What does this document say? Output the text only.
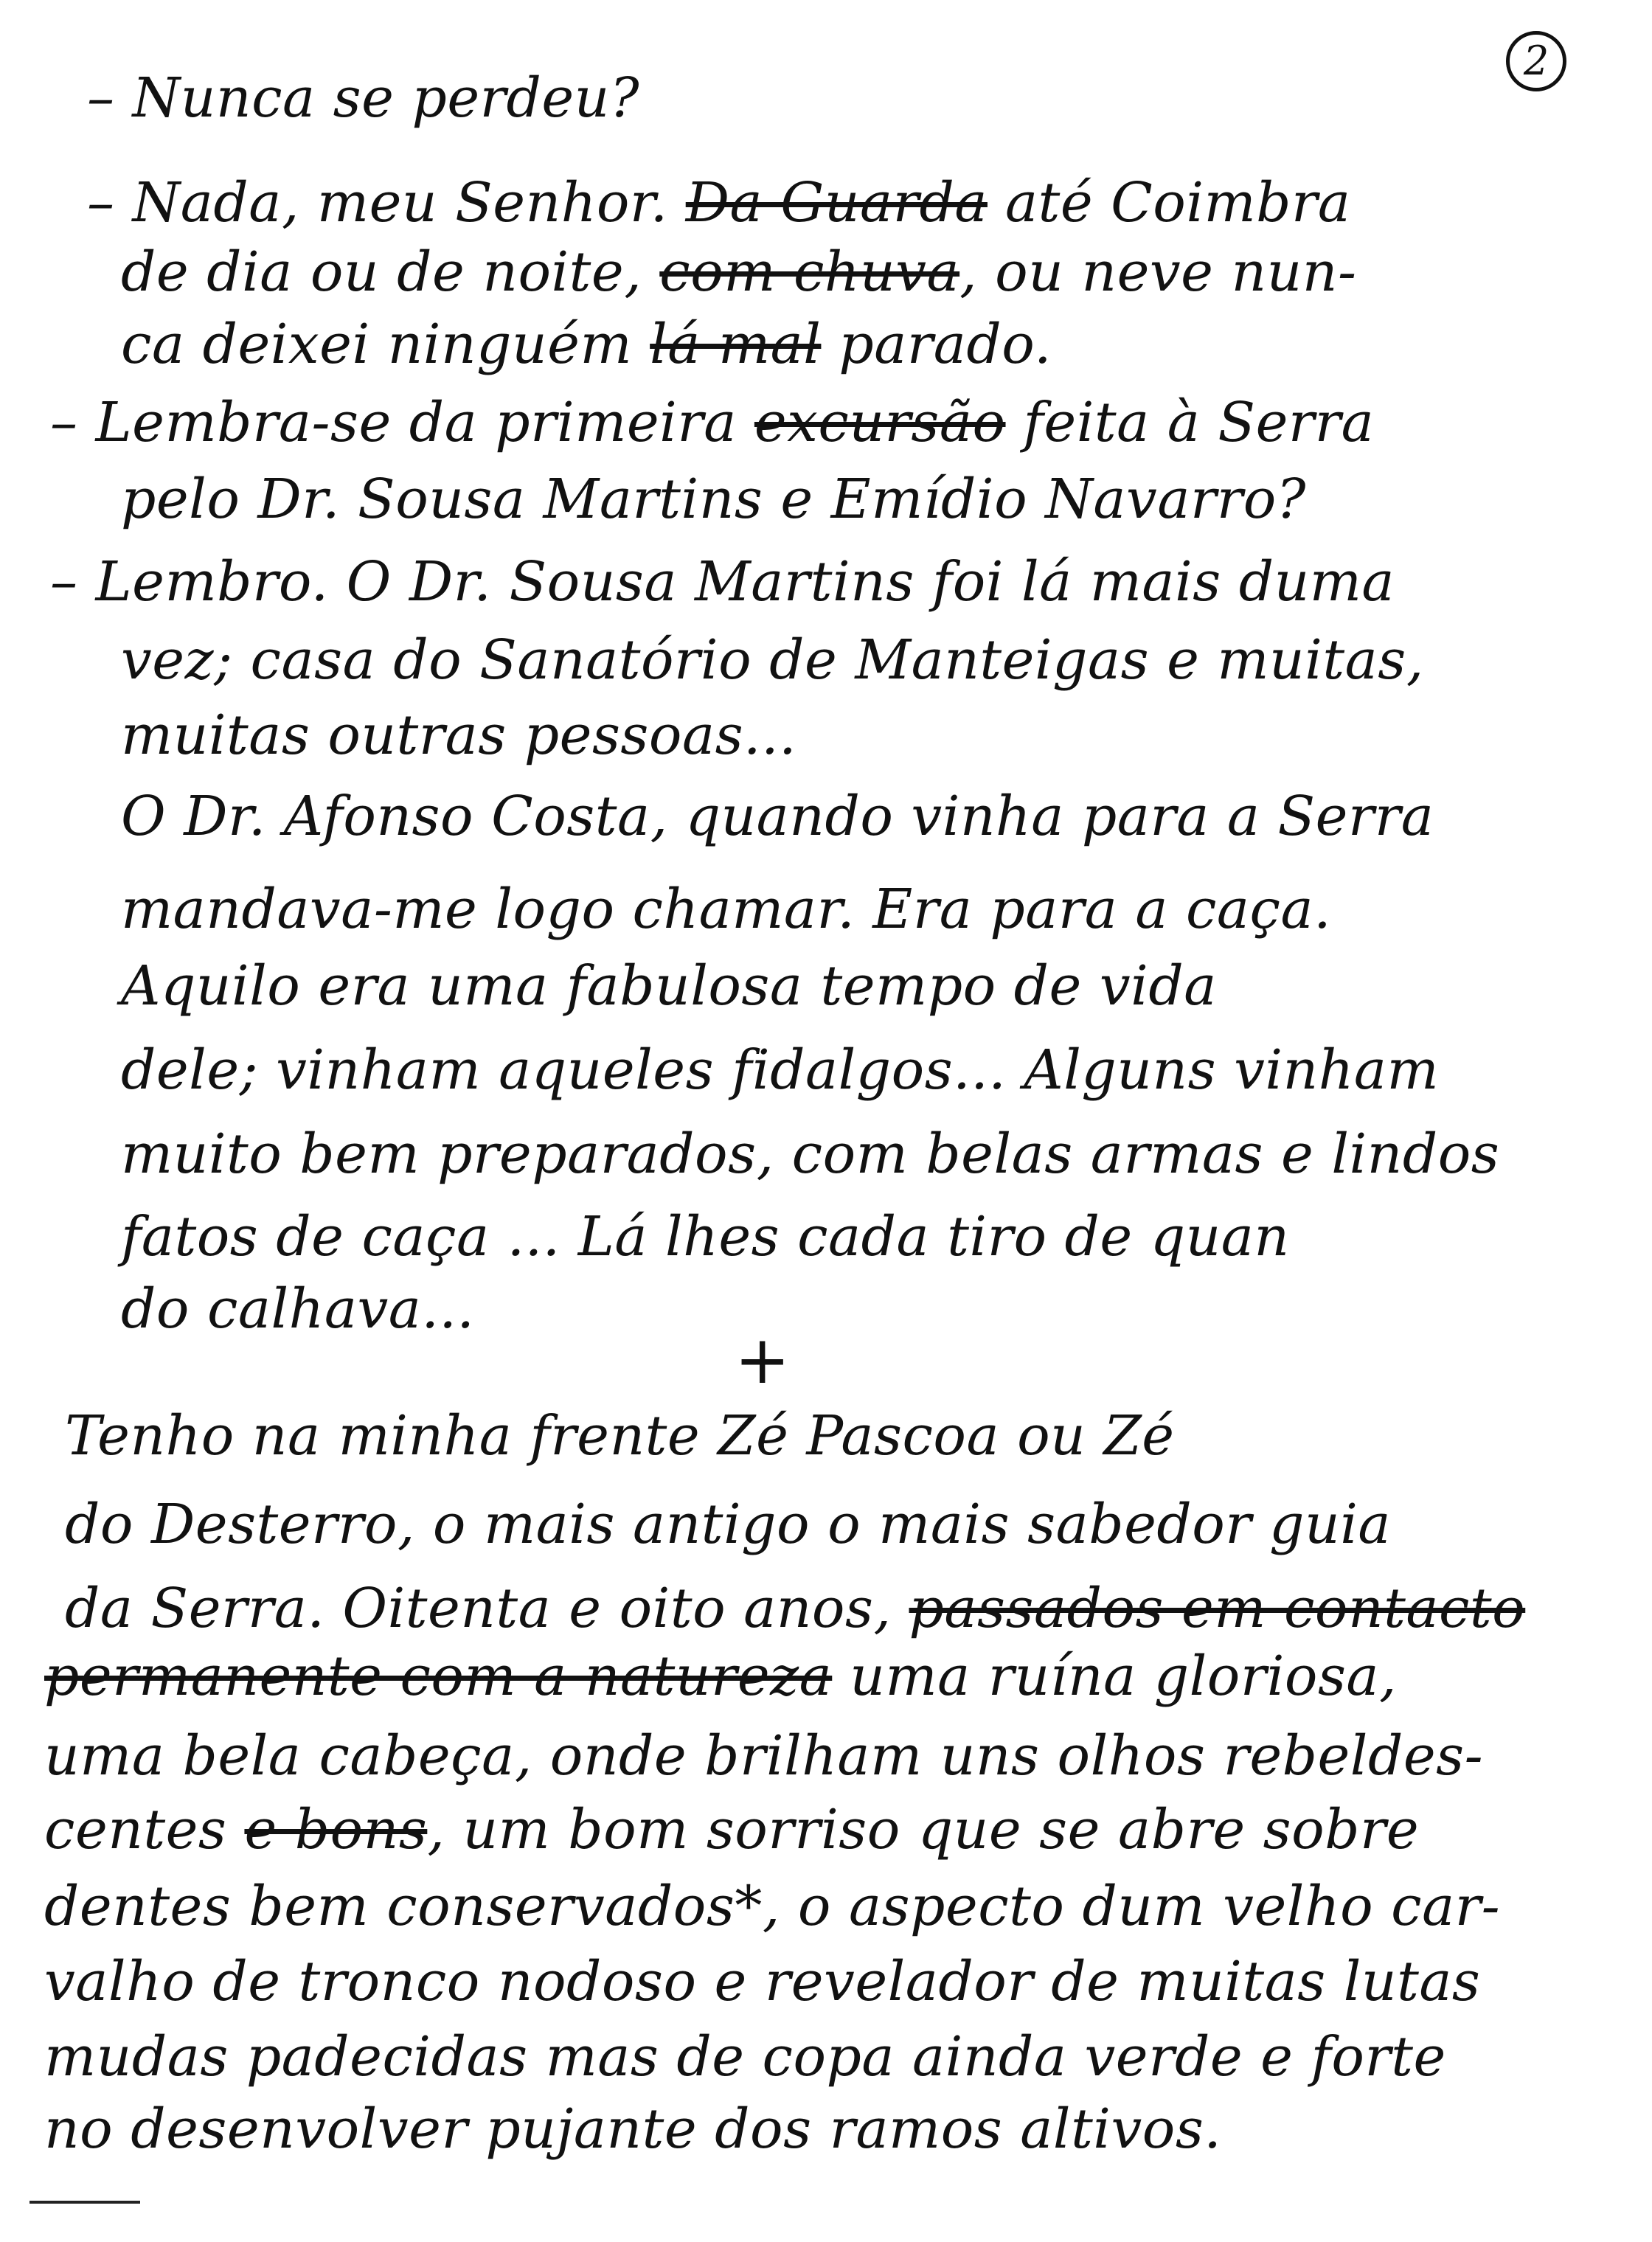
2
– Nunca se perdeu?
– Nada, meu Senhor. Da Guarda até Coimbra
de dia ou de noite, com chuva, ou neve nun-
ca deixei ninguém lá mal parado.
– Lembra-se da primeira excursão feita à Serra
pelo Dr. Sousa Martins e Emídio Navarro?
– Lembro. O Dr. Sousa Martins foi lá mais duma
vez; casa do Sanatório de Manteigas e muitas,
muitas outras pessoas...
O Dr. Afonso Costa, quando vinha para a Serra
mandava-me logo chamar. Era para a caça.
Aquilo era uma fabulosa tempo de vida
dele; vinham aqueles fidalgos... Alguns vinham
muito bem preparados, com belas armas e lindos
fatos de caça ... Lá lhes cada tiro de quan
do calhava...
+
Tenho na minha frente Zé Pascoa ou Zé
do Desterro, o mais antigo o mais sabedor guia
da Serra. Oitenta e oito anos, passados em contacto
permanente com a natureza uma ruína gloriosa,
uma bela cabeça, onde brilham uns olhos rebeldes-
centes e bons, um bom sorriso que se abre sobre
dentes bem conservados*, o aspecto dum velho car-
valho de tronco nodoso e revelador de muitas lutas
mudas padecidas mas de copa ainda verde e forte
no desenvolver pujante dos ramos altivos.
